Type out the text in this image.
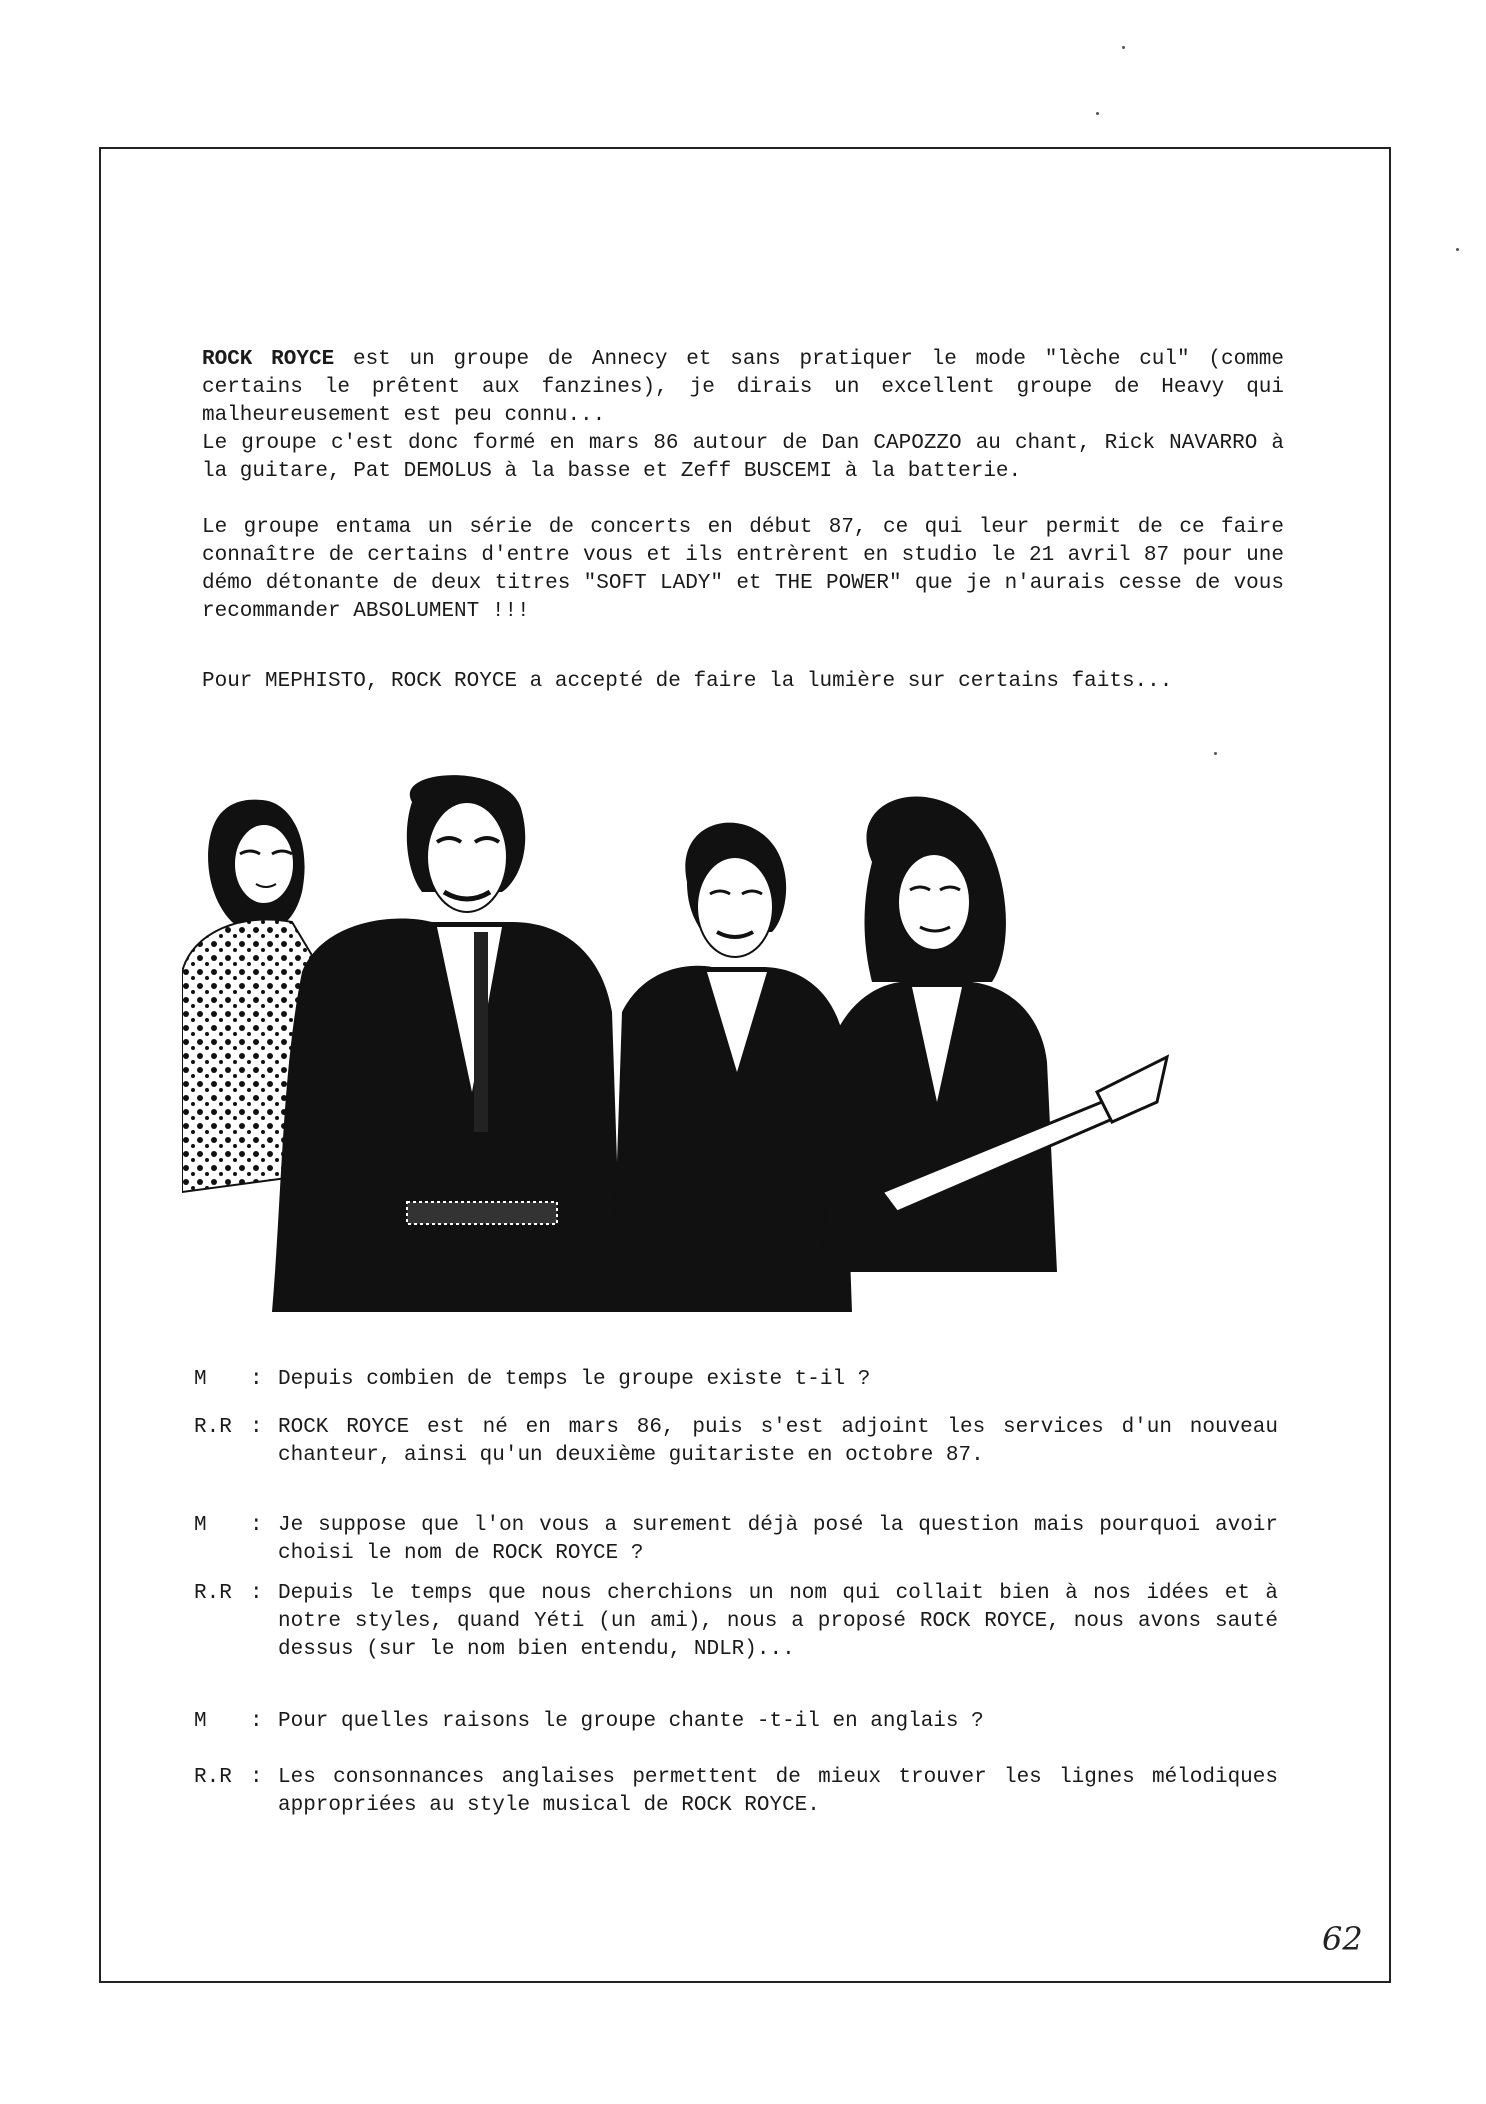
ROCK ROYCE est un groupe de Annecy et sans pratiquer le mode "lèche cul" (comme certains le prêtent aux fanzines), je dirais un excellent groupe de Heavy qui malheureusement est peu connu...

Le groupe c'est donc formé en mars 86 autour de Dan CAPOZZO au chant, Rick NAVARRO à la guitare, Pat DEMOLUS à la basse et Zeff BUSCEMI à la batterie.

Le groupe entama un série de concerts en début 87, ce qui leur permit de ce faire connaître de certains d'entre vous et ils entrèrent en studio le 21 avril 87 pour une démo détonante de deux titres "SOFT LADY" et THE POWER" que je n'aurais cesse de vous recommander ABSOLUMENT !!!

Pour MEPHISTO, ROCK ROYCE a accepté de faire la lumière sur certains faits...

M	: Depuis combien de temps le groupe existe t-il ?
R.R : ROCK ROYCE est né en mars 86, puis s'est adjoint les services d'un nouveau chanteur, ainsi qu'un deuxième guitariste en octobre 87.
M	: Je suppose que l'on vous a surement déjà posé la question mais pourquoi avoir choisi le nom de ROCK ROYCE ?
R.R : Depuis le temps que nous cherchions un nom qui collait bien à nos idées et à notre styles, quand Yéti (un ami), nous a proposé ROCK ROYCE, nous avons sauté dessus (sur le nom bien entendu, NDLR)...
M	: Pour quelles raisons le groupe chante -t-il en anglais ?
R.R : Les consonnances anglaises permettent de mieux trouver les lignes mélodiques appropriées au style musical de ROCK ROYCE.
62
